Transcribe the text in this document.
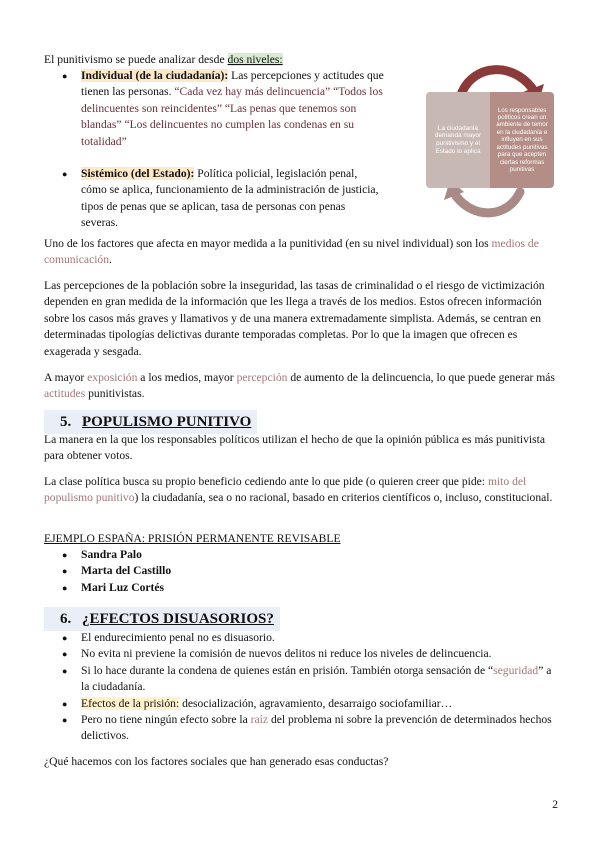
El punitivismo se puede analizar desde dos niveles:

● Individual (de la ciudadanía): Las percepciones y actitudes que tienen las personas. “Cada vez hay más delincuencia” “Todos los delincuentes son reincidentes” “Las penas que tenemos son blandas” “Los delincuentes no cumplen las condenas en su totalidad”
● Sistémico (del Estado): Política policial, legislación penal, cómo se aplica, funcionamiento de la administración de justicia, tipos de penas que se aplican, tasa de personas con penas severas.
La ciudadanía demanda mayor punitivismo y el Estado lo aplica
Los responsables políticos crean un ambiente de temor en la ciudadanía e influyen en sus actitudes punitivas para que acepten ciertas reformas punitivas

Uno de los factores que afecta en mayor medida a la punitividad (en su nivel individual) son los medios de comunicación.

Las percepciones de la población sobre la inseguridad, las tasas de criminalidad o el riesgo de victimización dependen en gran medida de la información que les llega a través de los medios. Estos ofrecen información sobre los casos más graves y llamativos y de una manera extremadamente simplista. Además, se centran en determinadas tipologías delictivas durante temporadas completas. Por lo que la imagen que ofrecen es exagerada y sesgada.

A mayor exposición a los medios, mayor percepción de aumento de la delincuencia, lo que puede generar más actitudes punitivistas.

5. POPULISMO PUNITIVO

La manera en la que los responsables políticos utilizan el hecho de que la opinión pública es más punitivista para obtener votos.

La clase política busca su propio beneficio cediendo ante lo que pide (o quieren creer que pide: mito del populismo punitivo) la ciudadanía, sea o no racional, basado en criterios científicos o, incluso, constitucional.

EJEMPLO ESPAÑA: PRISIÓN PERMANENTE REVISABLE

● Sandra Palo
● Marta del Castillo
● Mari Luz Cortés
6. ¿EFECTOS DISUASORIOS?
● El endurecimiento penal no es disuasorio.
● No evita ni previene la comisión de nuevos delitos ni reduce los niveles de delincuencia.
● Si lo hace durante la condena de quienes están en prisión. También otorga sensación de “seguridad” a la ciudadanía.
● Efectos de la prisión: desocialización, agravamiento, desarraigo sociofamiliar…
● Pero no tiene ningún efecto sobre la raíz del problema ni sobre la prevención de determinados hechos delictivos.

¿Qué hacemos con los factores sociales que han generado esas conductas?

2
